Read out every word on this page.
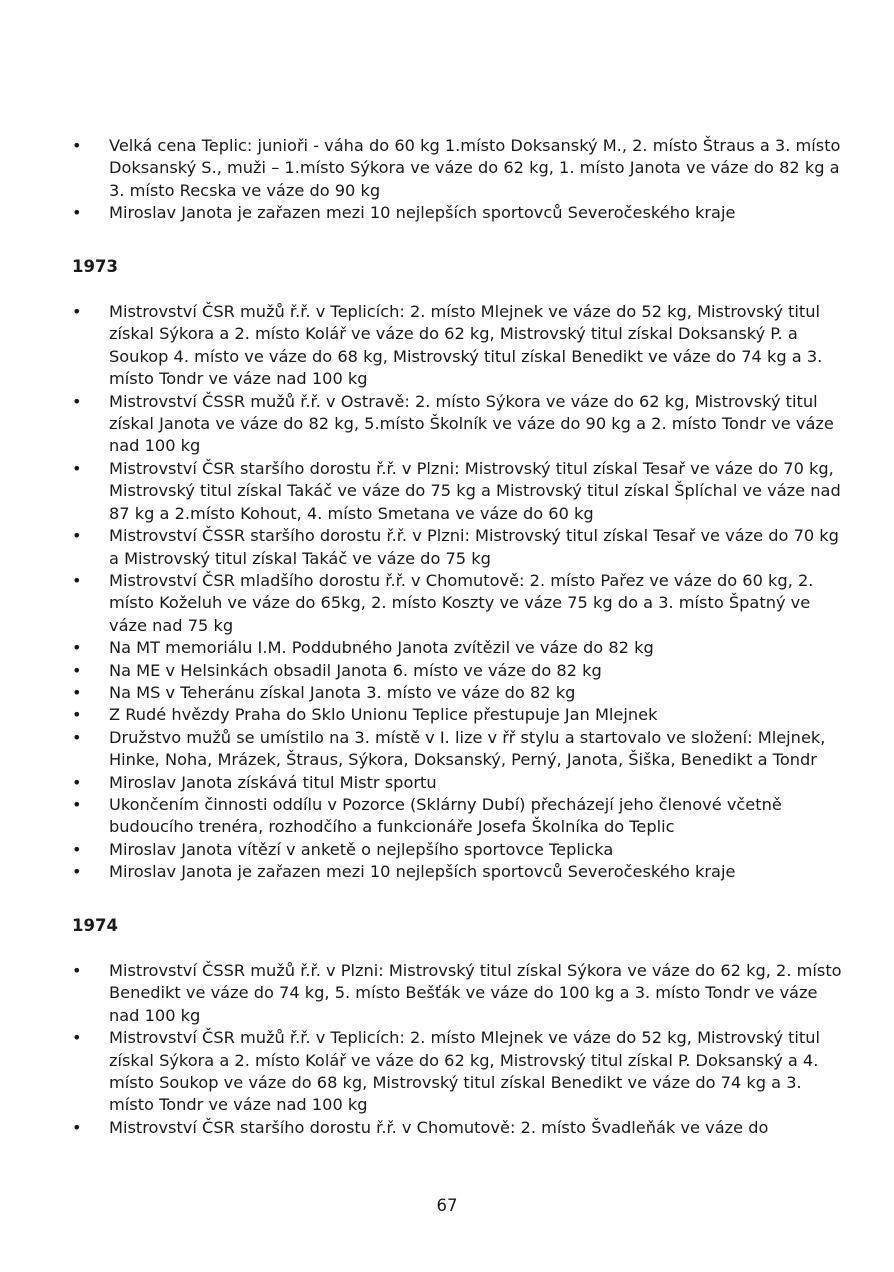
• Velká cena Teplic: junioři - váha do 60 kg 1.místo Doksanský M., 2. místo Štraus a 3. místo Doksanský S., muži – 1.místo Sýkora ve váze do 62 kg, 1. místo Janota ve váze do 82 kg a 3. místo Recska ve váze do 90 kg
• Miroslav Janota je zařazen mezi 10 nejlepších sportovců Severočeského kraje
1973
• Mistrovství ČSR mužů ř.ř. v Teplicích: 2. místo Mlejnek ve váze do 52 kg, Mistrovský titul získal Sýkora a 2. místo Kolář ve váze do 62 kg, Mistrovský titul získal Doksanský P. a Soukop 4. místo ve váze do 68 kg, Mistrovský titul získal Benedikt ve váze do 74 kg a 3. místo Tondr ve váze nad 100 kg
• Mistrovství ČSSR mužů ř.ř. v Ostravě: 2. místo Sýkora ve váze do 62 kg, Mistrovský titul získal Janota ve váze do 82 kg, 5.místo Školník ve váze do 90 kg a 2. místo Tondr ve váze nad 100 kg
• Mistrovství ČSR staršího dorostu ř.ř. v Plzni: Mistrovský titul získal Tesař ve váze do 70 kg, Mistrovský titul získal Takáč ve váze do 75 kg a Mistrovský titul získal Šplíchal ve váze nad 87 kg a 2.místo Kohout, 4. místo Smetana ve váze do 60 kg
• Mistrovství ČSSR staršího dorostu ř.ř. v Plzni: Mistrovský titul získal Tesař ve váze do 70 kg a Mistrovský titul získal Takáč ve váze do 75 kg
• Mistrovství ČSR mladšího dorostu ř.ř. v Chomutově: 2. místo Pařez ve váze do 60 kg, 2. místo Koželuh ve váze do 65kg, 2. místo Koszty ve váze 75 kg do a 3. místo Špatný ve váze nad 75 kg
• Na MT memoriálu I.M. Poddubného Janota zvítězil ve váze do 82 kg
• Na ME v Helsinkách obsadil Janota 6. místo ve váze do 82 kg
• Na MS v Teheránu získal Janota 3. místo ve váze do 82 kg
• Z Rudé hvězdy Praha do Sklo Unionu Teplice přestupuje Jan Mlejnek
• Družstvo mužů se umístilo na 3. místě v I. lize v řř stylu a startovalo ve složení: Mlejnek, Hinke, Noha, Mrázek, Štraus, Sýkora, Doksanský, Perný, Janota, Šiška, Benedikt a Tondr
• Miroslav Janota získává titul Mistr sportu
• Ukončením činnosti oddílu v Pozorce (Sklárny Dubí) přecházejí jeho členové včetně budoucího trenéra, rozhodčího a funkcionáře Josefa Školníka do Teplic
• Miroslav Janota vítězí v anketě o nejlepšího sportovce Teplicka
• Miroslav Janota je zařazen mezi 10 nejlepších sportovců Severočeského kraje
1974
• Mistrovství ČSSR mužů ř.ř. v Plzni: Mistrovský titul získal Sýkora ve váze do 62 kg, 2. místo Benedikt ve váze do 74 kg, 5. místo Bešťák ve váze do 100 kg a 3. místo Tondr ve váze nad 100 kg
• Mistrovství ČSR mužů ř.ř. v Teplicích: 2. místo Mlejnek ve váze do 52 kg, Mistrovský titul získal Sýkora a 2. místo Kolář ve váze do 62 kg, Mistrovský titul získal P. Doksanský a 4. místo Soukop ve váze do 68 kg, Mistrovský titul získal Benedikt ve váze do 74 kg a 3. místo Tondr ve váze nad 100 kg
• Mistrovství ČSR staršího dorostu ř.ř. v Chomutově: 2. místo Švadleňák ve váze do
67
